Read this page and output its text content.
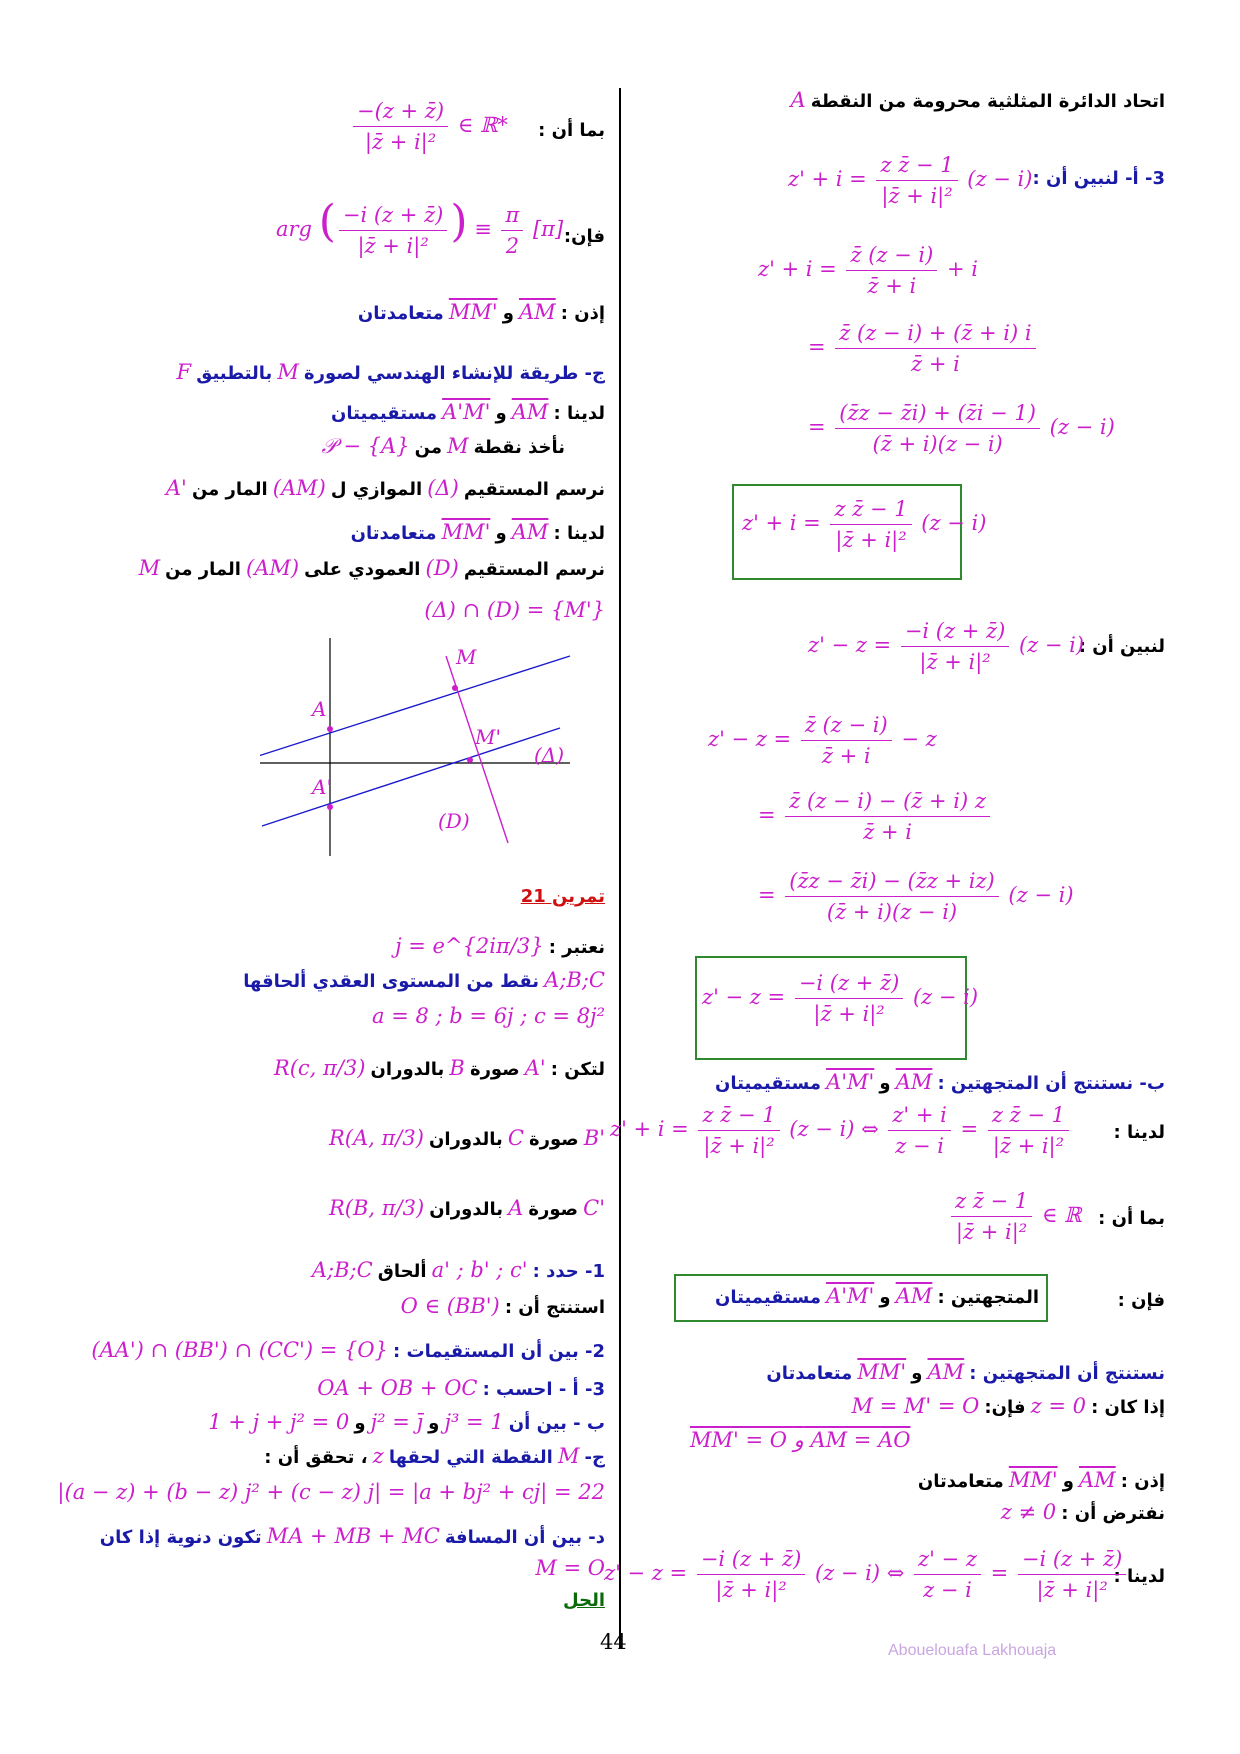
اتحاد الدائرة المثلثية محرومة من النقطة A
3- أ- لنبين أن :
$z' + i = \frac{\text{z z̄ − 1}}{\text{|z̄ + i|²}} (z - i)$
$z' + i = \frac{z̄ (z - i)}{z̄ + i} + i$
= $\frac{z̄ (z - i) + (z̄ + i) i}{z̄ + i}$
= $\frac{(z̄z - z̄i) + (z̄i - 1)}{(z̄ + i)(z - i)} (z - i)$
$z' + i = \frac{\text{z z̄ − 1}}{\text{|z̄ + i|²}} (z - i)$
لنبين أن :
$z' - z = \frac{-i (z + z̄)}{\text{|z̄ + i|²}} (z - i)$
$z' - z = \frac{z̄ (z - i)}{z̄ + i} - z$
= $\frac{z̄ (z - i) - (z̄ + i) z}{z̄ + i}$
= $\frac{(z̄z - z̄i) - (z̄z + iz)}{(z̄ + i)(z - i)} (z - i)$
$z' - z = \frac{-i (z + z̄)}{\text{|z̄ + i|²}} (z - i)$
ب- نستنتج أن المتجهتين : $\overline{AM}$ و A'M' مستقيميتان
لدينا :
$z' + i = \frac{\text{z z̄ − 1}}{\text{|z̄ + i|²}} (z - i)$ ⇔ $\frac{z' + i}{z - i} = \frac{\text{z z̄ − 1}}{\text{|z̄ + i|²}}$
بما أن :
$\frac{\text{z z̄ − 1}}{\text{|z̄ + i|²}}$ ∈ ℝ
فإن :
المتجهتين : $\overline{AM}$ و A'M' مستقيميتان
نستنتج أن المتجهتين : $\overline{AM}$ و MM' متعامدتان
إذا كان : z = 0 فإن: M = M' = O
MM' = O و AM = AO
إذن : $\overline{AM}$ و MM' متعامدتان
نفترض أن : z ≠ 0
لدينا :
$z' - z = \frac{-i (z + z̄)}{\text{|z̄ + i|²}} (z - i)$ ⇔ $\frac{z' - z}{z - i} = \frac{-i (z + z̄)}{\text{|z̄ + i|²}}$
بما أن :
$\frac{-(z + z̄)}{\text{|z̄ + i|²}}$ ∈ ℝ*
فإن:
arg ( $\frac{-i (z + z̄)}{\text{|z̄ + i|²}}$ ) ≡ $\frac{\pi}{2} [\pi]$
إذن : $\overline{AM}$ و MM' متعامدتان
ج- طريقة للإنشاء الهندسي لصورة M بالتطبيق F
لدينا : $\overline{AM}$ و A'M' مستقيميتان
نأخذ نقطة M من 𝒫 − {A}
نرسم المستقيم (Δ) الموازي ل (AM) المار من A'
لدينا : $\overline{AM}$ و MM' متعامدتان
نرسم المستقيم (D) العمودي على (AM) المار من M
(Δ) ∩ (D) = {M'}
A
M
M'
A'
(Δ)
(D)
تمرين 21
نعتبر : j = e^{2iπ/3}
A;B;C نقط من المستوى العقدي ألحاقها
a = 8 ; b = 6j ; c = 8j²
لتكن : A' صورة B بالدوران R(c, π/3)
B' صورة C بالدوران R(A, π/3)
C' صورة A بالدوران R(B, π/3)
1- حدد : a' ; b' ; c' ألحاق A;B;C
استنتج أن : O ∈ (BB')
2- بين أن المستقيمات : (AA') ∩ (BB') ∩ (CC') = {O}
3- أ - احسب : OA + OB + OC
ب - بين أن j³ = 1 و j² = j̄ و 1 + j + j² = 0
ج- M النقطة التي لحقها z ، تحقق أن :
|(a − z) + (b − z) j² + (c − z) j| = |a + bj² + cj| = 22
د- بين أن المسافة MA + MB + MC تكون دنوية إذا كان
M = O
الحل
44	Abouelouafa Lakhouaja
